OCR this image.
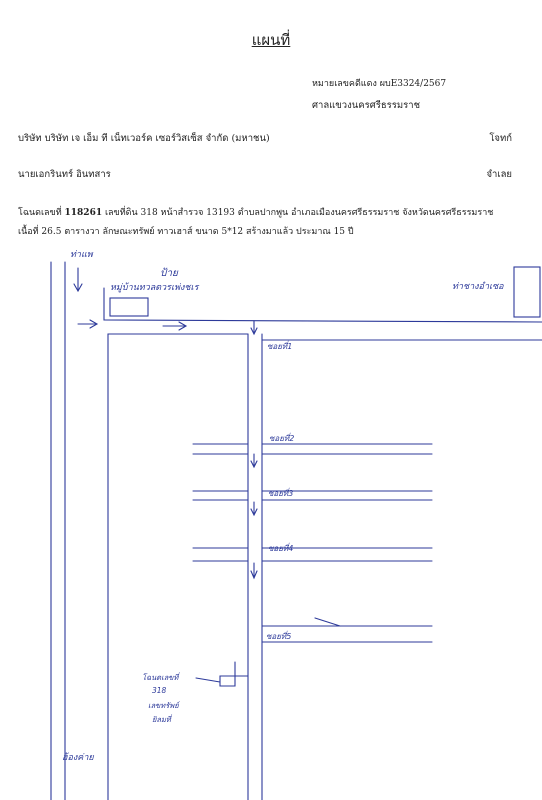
แผนที่
หมายเลขคดีแดง ผบE3324/2567
ศาลแขวงนครศรีธรรมราช
บริษัท บริษัท เจ เอ็ม ที เน็ทเวอร์ค เซอร์วิสเซ็ส จำกัด (มหาชน)	โจทก์
นายเอกรินทร์ อินทสาร	จำเลย
โฉนดเลขที่ 118261 เลขที่ดิน 318 หน้าสำรวจ 13193 ตำบลปากพูน อำเภอเมืองนครศรีธรรมราช จังหวัดนครศรีธรรมราช
เนื้อที่ 26.5 ตารางวา ลักษณะทรัพย์ ทาวเฮาส์ ขนาด 5*12 สร้างมาแล้ว ประมาณ 15 ปี
ท่าแพ
ป้าย
หมู่บ้านทวลตวรเพ่งชเร	ท่าชางอำเซอ
ซอยที่1
ซอยที่2
ซอยที่3
ซอยที่4
ซอยที่5
โฉนดเลขที่
318
เลขทรัพย์
ยิลมที่
ฮ้องค่าย
